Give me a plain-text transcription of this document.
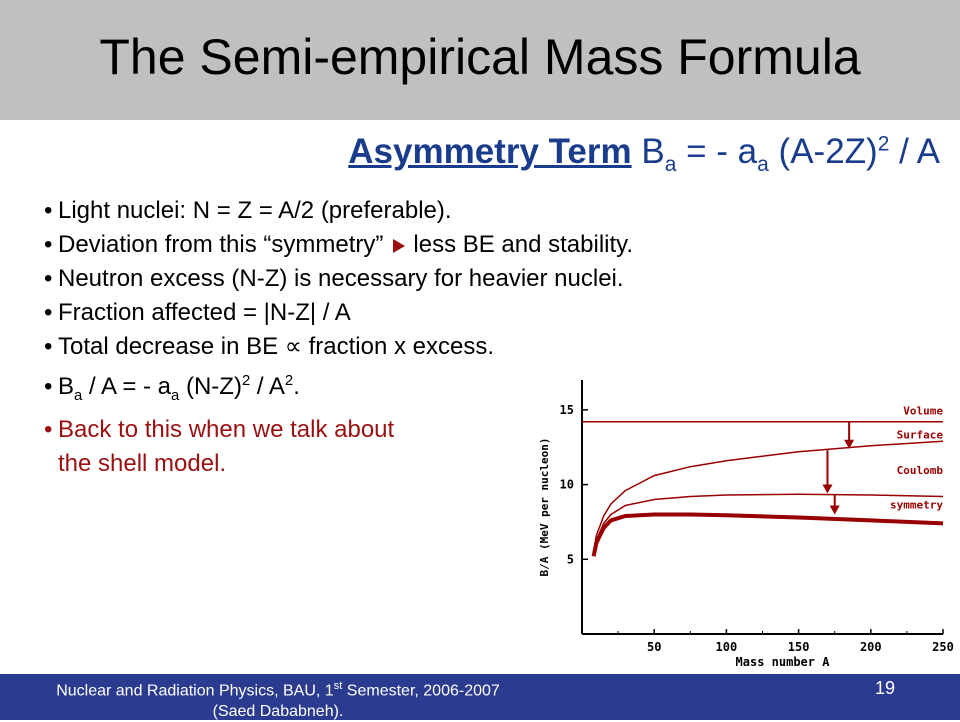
The Semi-empirical Mass Formula
Asymmetry Term $B_a$ = - $a_a$ $(A-2Z)^2$ / A
• Light nuclei: N = Z = A/2 (preferable).
• Deviation from this “symmetry” less BE and stability.
• Neutron excess (N-Z) is necessary for heavier nuclei.
• Fraction affected = |N-Z| / A
• Total decrease in BE ∝ fraction x excess.
• $B_a$ / A = - $a_a$ $(N-Z)^2 / A^2$.
• Back to this when we talk about
the shell model.
50	100	150	200	250
5
10
15
Mass number A
B/A (MeV per nucleon)
Volume
Surface
Coulomb
symmetry
Nuclear and Radiation Physics, BAU, 1st Semester, 2006-2007
(Saed Dababneh).
19
